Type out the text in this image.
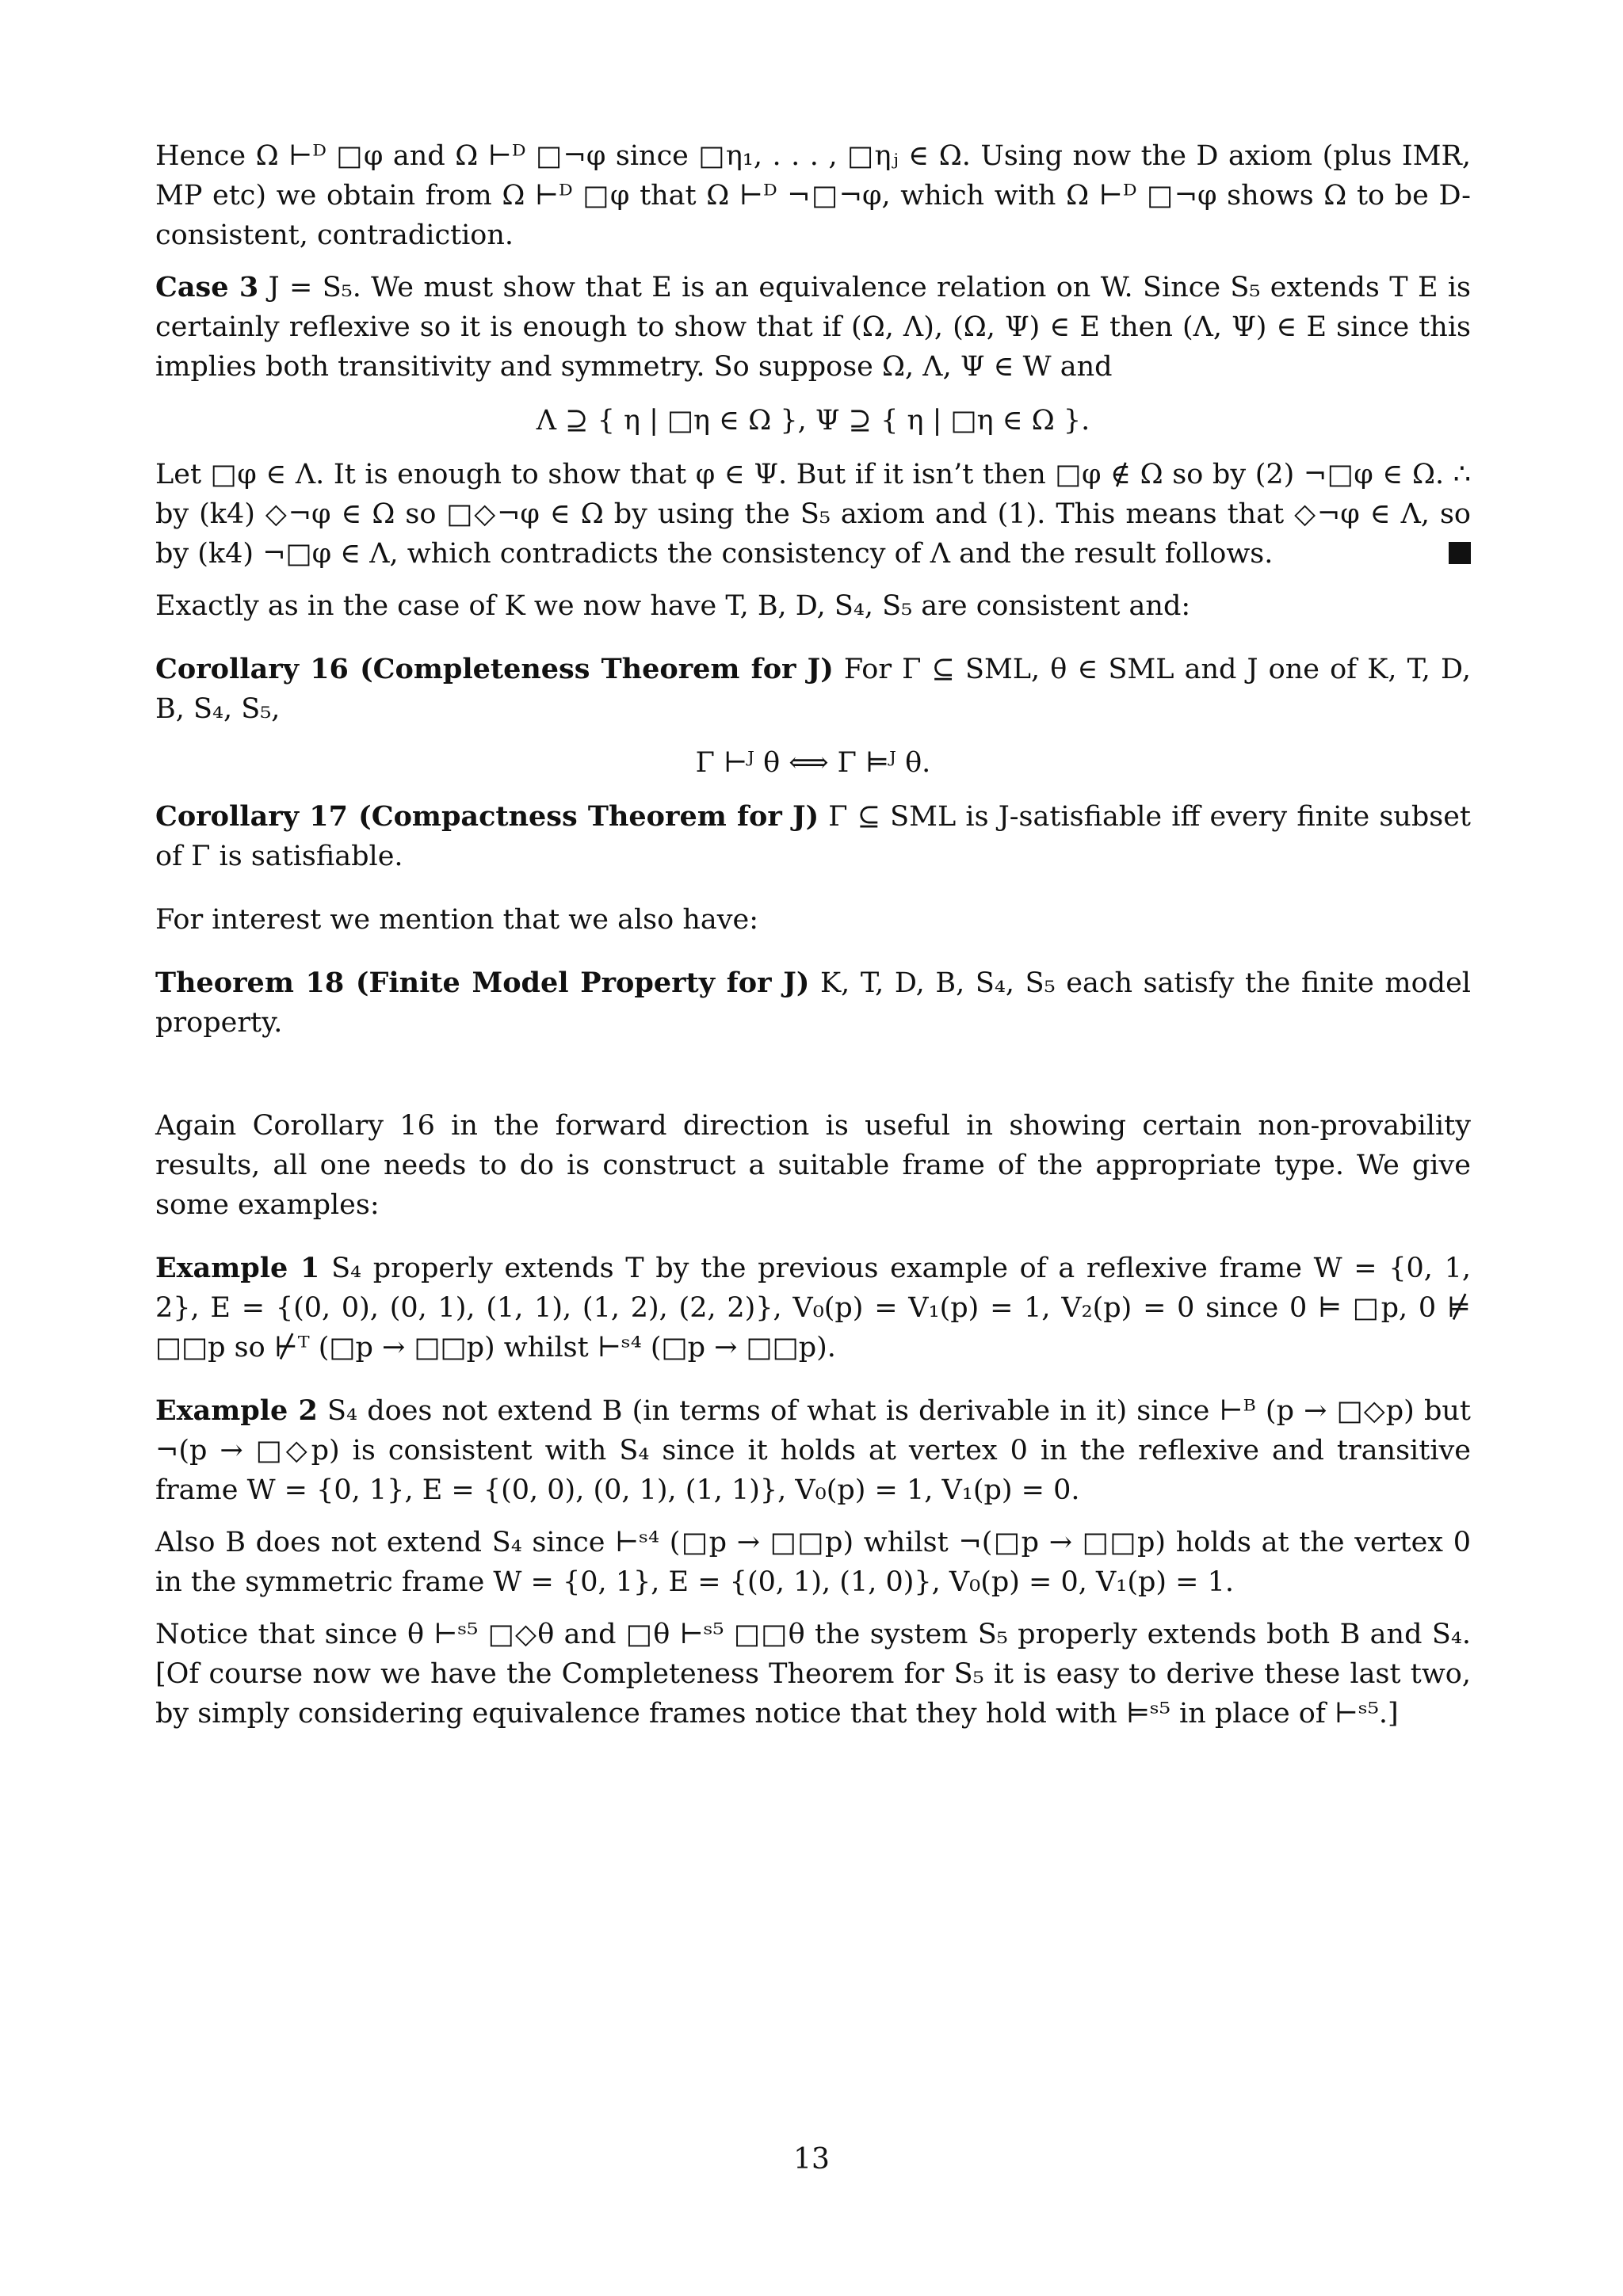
Hence Ω ⊢ᴰ □φ and Ω ⊢ᴰ □¬φ since □η₁, . . . , □ηⱼ ∈ Ω. Using now the D axiom (plus IMR, MP etc) we obtain from Ω ⊢ᴰ □φ that Ω ⊢ᴰ ¬□¬φ, which with Ω ⊢ᴰ □¬φ shows Ω to be D-consistent, contradiction.

Case 3 J = S₅. We must show that E is an equivalence relation on W. Since S₅ extends T E is certainly reflexive so it is enough to show that if (Ω, Λ), (Ω, Ψ) ∈ E then (Λ, Ψ) ∈ E since this implies both transitivity and symmetry. So suppose Ω, Λ, Ψ ∈ W and

Λ ⊇ { η | □η ∈ Ω }, Ψ ⊇ { η | □η ∈ Ω }.

Let □φ ∈ Λ. It is enough to show that φ ∈ Ψ. But if it isn’t then □φ ∉ Ω so by (2) ¬□φ ∈ Ω. ∴ by (k4) ◇¬φ ∈ Ω so □◇¬φ ∈ Ω by using the S₅ axiom and (1). This means that ◇¬φ ∈ Λ, so by (k4) ¬□φ ∈ Λ, which contradicts the consistency of Λ and the result follows.

Exactly as in the case of K we now have T, B, D, S₄, S₅ are consistent and:

Corollary 16 (Completeness Theorem for J) For Γ ⊆ SML, θ ∈ SML and J one of K, T, D, B, S₄, S₅,

Γ ⊢ᴶ θ ⟺ Γ ⊨ᴶ θ.

Corollary 17 (Compactness Theorem for J) Γ ⊆ SML is J-satisfiable iff every finite subset of Γ is satisfiable.

For interest we mention that we also have:

Theorem 18 (Finite Model Property for J) K, T, D, B, S₄, S₅ each satisfy the finite model property.

Again Corollary 16 in the forward direction is useful in showing certain non-provability results, all one needs to do is construct a suitable frame of the appropriate type. We give some examples:

Example 1 S₄ properly extends T by the previous example of a reflexive frame W = {0, 1, 2}, E = {(0, 0), (0, 1), (1, 1), (1, 2), (2, 2)}, V₀(p) = V₁(p) = 1, V₂(p) = 0 since 0 ⊨ □p, 0 ⊭ □□p so ⊬ᵀ (□p → □□p) whilst ⊢ˢ⁴ (□p → □□p).

Example 2 S₄ does not extend B (in terms of what is derivable in it) since ⊢ᴮ (p → □◇p) but ¬(p → □◇p) is consistent with S₄ since it holds at vertex 0 in the reflexive and transitive frame W = {0, 1}, E = {(0, 0), (0, 1), (1, 1)}, V₀(p) = 1, V₁(p) = 0.

Also B does not extend S₄ since ⊢ˢ⁴ (□p → □□p) whilst ¬(□p → □□p) holds at the vertex 0 in the symmetric frame W = {0, 1}, E = {(0, 1), (1, 0)}, V₀(p) = 0, V₁(p) = 1.

Notice that since θ ⊢ˢ⁵ □◇θ and □θ ⊢ˢ⁵ □□θ the system S₅ properly extends both B and S₄. [Of course now we have the Completeness Theorem for S₅ it is easy to derive these last two, by simply considering equivalence frames notice that they hold with ⊨ˢ⁵ in place of ⊢ˢ⁵.]

13
